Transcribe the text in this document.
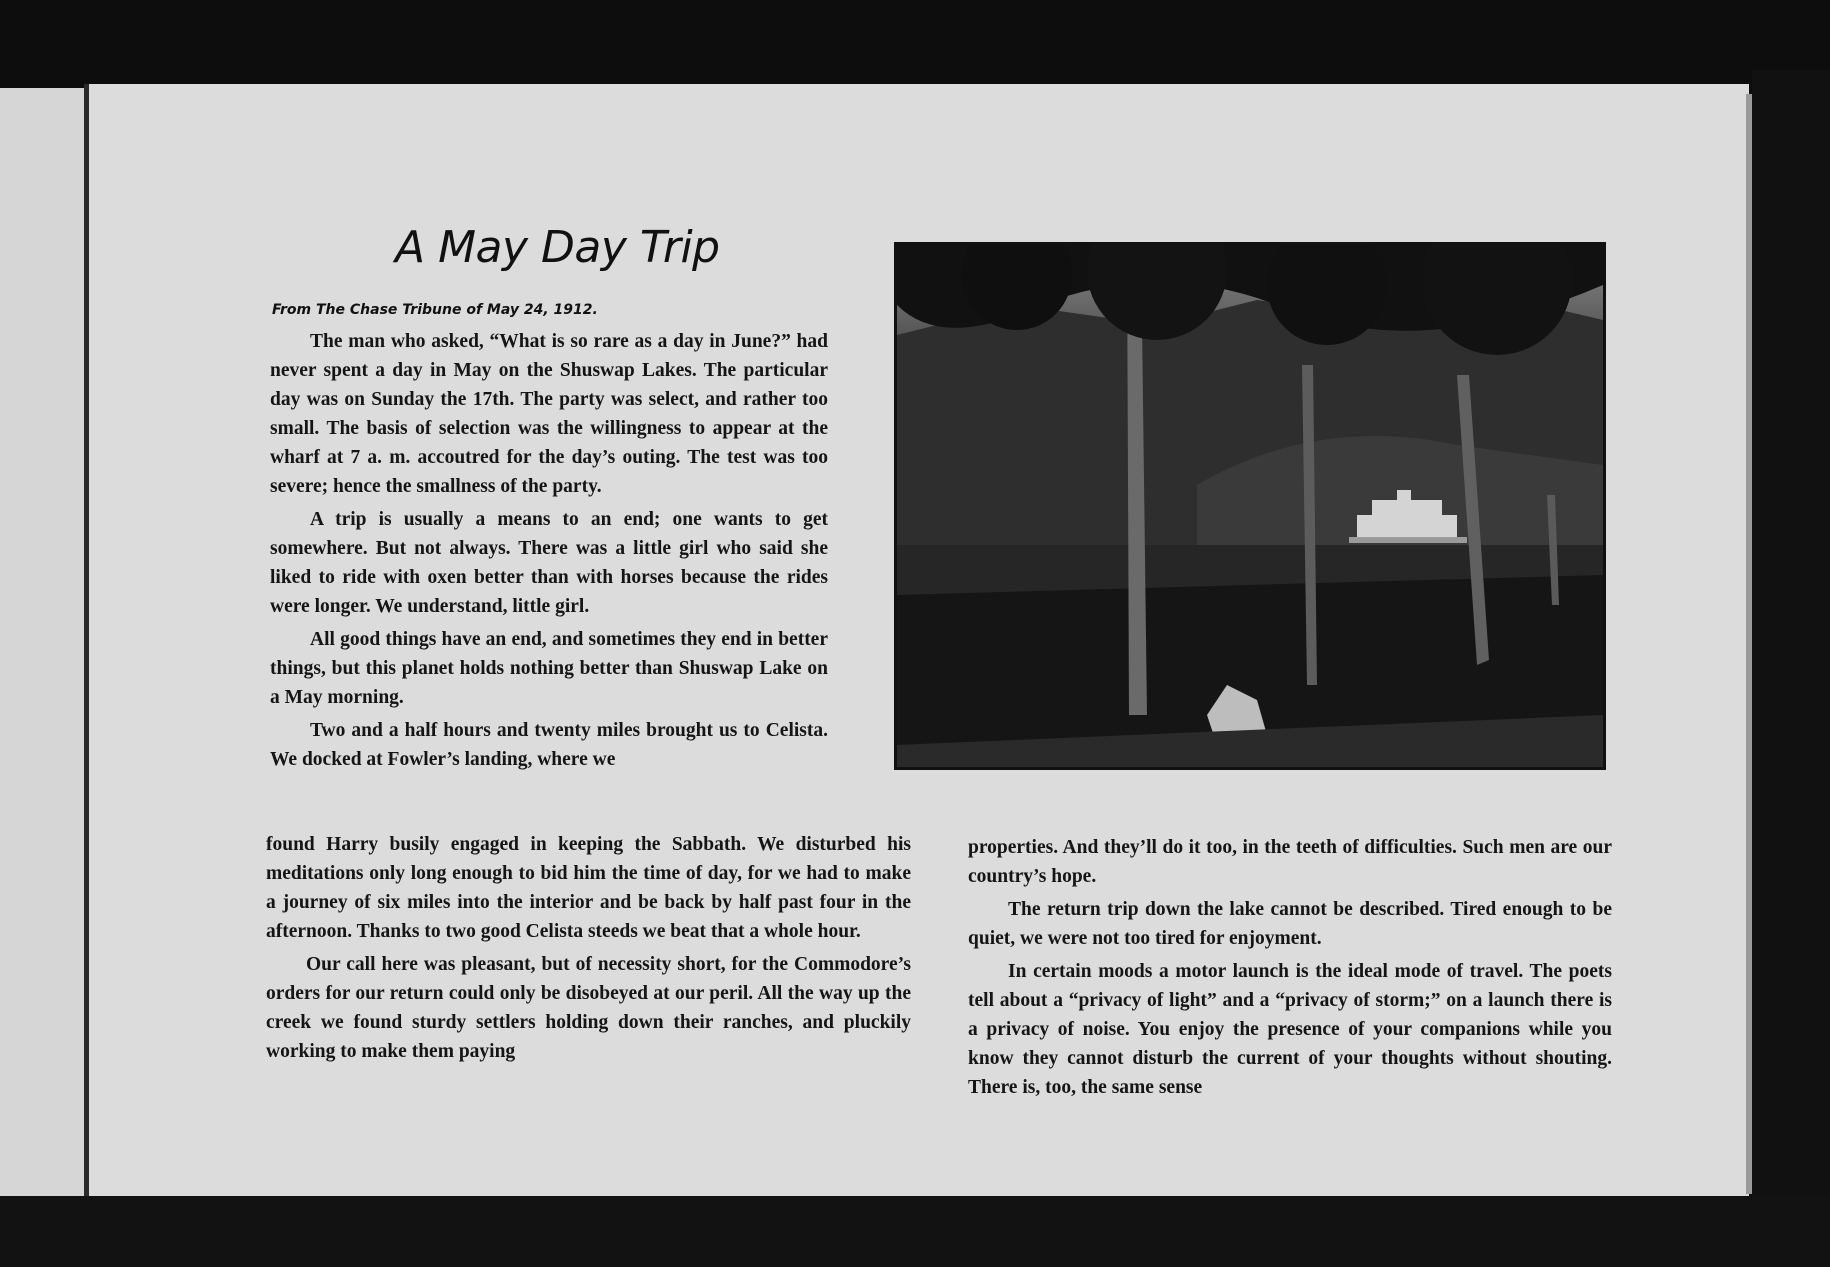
A May Day Trip
From The Chase Tribune of May 24, 1912.

The man who asked, “What is so rare as a day in June?” had never spent a day in May on the Shuswap Lakes. The particular day was on Sunday the 17th. The party was select, and rather too small. The basis of selection was the willingness to appear at the wharf at 7 a. m. accoutred for the day’s outing. The test was too severe; hence the smallness of the party.

A trip is usually a means to an end; one wants to get somewhere. But not always. There was a little girl who said she liked to ride with oxen better than with horses because the rides were longer. We understand, little girl.

All good things have an end, and sometimes they end in better things, but this planet holds nothing better than Shuswap Lake on a May morning.

Two and a half hours and twenty miles brought us to Celista. We docked at Fowler’s landing, where we

found Harry busily engaged in keeping the Sabbath. We disturbed his meditations only long enough to bid him the time of day, for we had to make a journey of six miles into the interior and be back by half past four in the afternoon. Thanks to two good Celista steeds we beat that a whole hour.

Our call here was pleasant, but of necessity short, for the Commodore’s orders for our return could only be disobeyed at our peril. All the way up the creek we found sturdy settlers holding down their ranches, and pluckily working to make them paying

properties. And they’ll do it too, in the teeth of difficulties. Such men are our country’s hope.

The return trip down the lake cannot be described. Tired enough to be quiet, we were not too tired for enjoyment.

In certain moods a motor launch is the ideal mode of travel. The poets tell about a “privacy of light” and a “privacy of storm;” on a launch there is a privacy of noise. You enjoy the presence of your companions while you know they cannot disturb the current of your thoughts without shouting. There is, too, the same sense
